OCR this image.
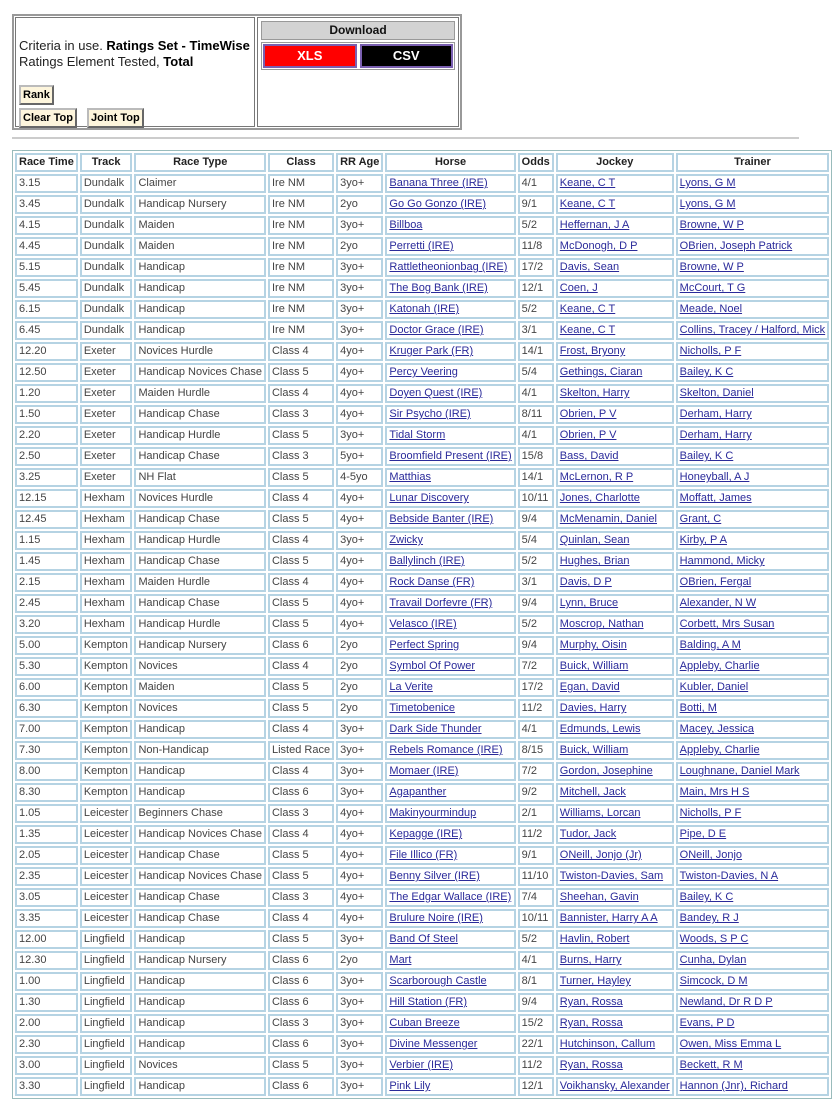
Criteria in use. Ratings Set - TimeWise
Ratings Element Tested, Total
Rank
Clear Top	Joint Top
Download
XLS	CSV
Race Time	Track	Race Type	Class	RR Age	Horse	Odds	Jockey	Trainer
3.15	Dundalk	Claimer	Ire NM	3yo+	Banana Three (IRE)	4/1	Keane, C T	Lyons, G M
3.45	Dundalk	Handicap Nursery	Ire NM	2yo	Go Go Gonzo (IRE)	9/1	Keane, C T	Lyons, G M
4.15	Dundalk	Maiden	Ire NM	3yo+	Billboa	5/2	Heffernan, J A	Browne, W P
4.45	Dundalk	Maiden	Ire NM	2yo	Perretti (IRE)	11/8	McDonogh, D P	OBrien, Joseph Patrick
5.15	Dundalk	Handicap	Ire NM	3yo+	Rattletheonionbag (IRE)	17/2	Davis, Sean	Browne, W P
5.45	Dundalk	Handicap	Ire NM	3yo+	The Bog Bank (IRE)	12/1	Coen, J	McCourt, T G
6.15	Dundalk	Handicap	Ire NM	3yo+	Katonah (IRE)	5/2	Keane, C T	Meade, Noel
6.45	Dundalk	Handicap	Ire NM	3yo+	Doctor Grace (IRE)	3/1	Keane, C T	Collins, Tracey / Halford, Mick
12.20	Exeter	Novices Hurdle	Class 4	4yo+	Kruger Park (FR)	14/1	Frost, Bryony	Nicholls, P F
12.50	Exeter	Handicap Novices Chase	Class 5	4yo+	Percy Veering	5/4	Gethings, Ciaran	Bailey, K C
1.20	Exeter	Maiden Hurdle	Class 4	4yo+	Doyen Quest (IRE)	4/1	Skelton, Harry	Skelton, Daniel
1.50	Exeter	Handicap Chase	Class 3	4yo+	Sir Psycho (IRE)	8/11	Obrien, P V	Derham, Harry
2.20	Exeter	Handicap Hurdle	Class 5	3yo+	Tidal Storm	4/1	Obrien, P V	Derham, Harry
2.50	Exeter	Handicap Chase	Class 3	5yo+	Broomfield Present (IRE)	15/8	Bass, David	Bailey, K C
3.25	Exeter	NH Flat	Class 5	4-5yo	Matthias	14/1	McLernon, R P	Honeyball, A J
12.15	Hexham	Novices Hurdle	Class 4	4yo+	Lunar Discovery	10/11	Jones, Charlotte	Moffatt, James
12.45	Hexham	Handicap Chase	Class 5	4yo+	Bebside Banter (IRE)	9/4	McMenamin, Daniel	Grant, C
1.15	Hexham	Handicap Hurdle	Class 4	3yo+	Zwicky	5/4	Quinlan, Sean	Kirby, P A
1.45	Hexham	Handicap Chase	Class 5	4yo+	Ballylinch (IRE)	5/2	Hughes, Brian	Hammond, Micky
2.15	Hexham	Maiden Hurdle	Class 4	4yo+	Rock Danse (FR)	3/1	Davis, D P	OBrien, Fergal
2.45	Hexham	Handicap Chase	Class 5	4yo+	Travail Dorfevre (FR)	9/4	Lynn, Bruce	Alexander, N W
3.20	Hexham	Handicap Hurdle	Class 5	4yo+	Velasco (IRE)	5/2	Moscrop, Nathan	Corbett, Mrs Susan
5.00	Kempton	Handicap Nursery	Class 6	2yo	Perfect Spring	9/4	Murphy, Oisin	Balding, A M
5.30	Kempton	Novices	Class 4	2yo	Symbol Of Power	7/2	Buick, William	Appleby, Charlie
6.00	Kempton	Maiden	Class 5	2yo	La Verite	17/2	Egan, David	Kubler, Daniel
6.30	Kempton	Novices	Class 5	2yo	Timetobenice	11/2	Davies, Harry	Botti, M
7.00	Kempton	Handicap	Class 4	3yo+	Dark Side Thunder	4/1	Edmunds, Lewis	Macey, Jessica
7.30	Kempton	Non-Handicap	Listed Race	3yo+	Rebels Romance (IRE)	8/15	Buick, William	Appleby, Charlie
8.00	Kempton	Handicap	Class 4	3yo+	Momaer (IRE)	7/2	Gordon, Josephine	Loughnane, Daniel Mark
8.30	Kempton	Handicap	Class 6	3yo+	Agapanther	9/2	Mitchell, Jack	Main, Mrs H S
1.05	Leicester	Beginners Chase	Class 3	4yo+	Makinyourmindup	2/1	Williams, Lorcan	Nicholls, P F
1.35	Leicester	Handicap Novices Chase	Class 4	4yo+	Kepagge (IRE)	11/2	Tudor, Jack	Pipe, D E
2.05	Leicester	Handicap Chase	Class 5	4yo+	File Illico (FR)	9/1	ONeill, Jonjo (Jr)	ONeill, Jonjo
2.35	Leicester	Handicap Novices Chase	Class 5	4yo+	Benny Silver (IRE)	11/10	Twiston-Davies, Sam	Twiston-Davies, N A
3.05	Leicester	Handicap Chase	Class 3	4yo+	The Edgar Wallace (IRE)	7/4	Sheehan, Gavin	Bailey, K C
3.35	Leicester	Handicap Chase	Class 4	4yo+	Brulure Noire (IRE)	10/11	Bannister, Harry A A	Bandey, R J
12.00	Lingfield	Handicap	Class 5	3yo+	Band Of Steel	5/2	Havlin, Robert	Woods, S P C
12.30	Lingfield	Handicap Nursery	Class 6	2yo	Mart	4/1	Burns, Harry	Cunha, Dylan
1.00	Lingfield	Handicap	Class 6	3yo+	Scarborough Castle	8/1	Turner, Hayley	Simcock, D M
1.30	Lingfield	Handicap	Class 6	3yo+	Hill Station (FR)	9/4	Ryan, Rossa	Newland, Dr R D P
2.00	Lingfield	Handicap	Class 3	3yo+	Cuban Breeze	15/2	Ryan, Rossa	Evans, P D
2.30	Lingfield	Handicap	Class 6	3yo+	Divine Messenger	22/1	Hutchinson, Callum	Owen, Miss Emma L
3.00	Lingfield	Novices	Class 5	3yo+	Verbier (IRE)	11/2	Ryan, Rossa	Beckett, R M
3.30	Lingfield	Handicap	Class 6	3yo+	Pink Lily	12/1	Voikhansky, Alexander	Hannon (Jnr), Richard
